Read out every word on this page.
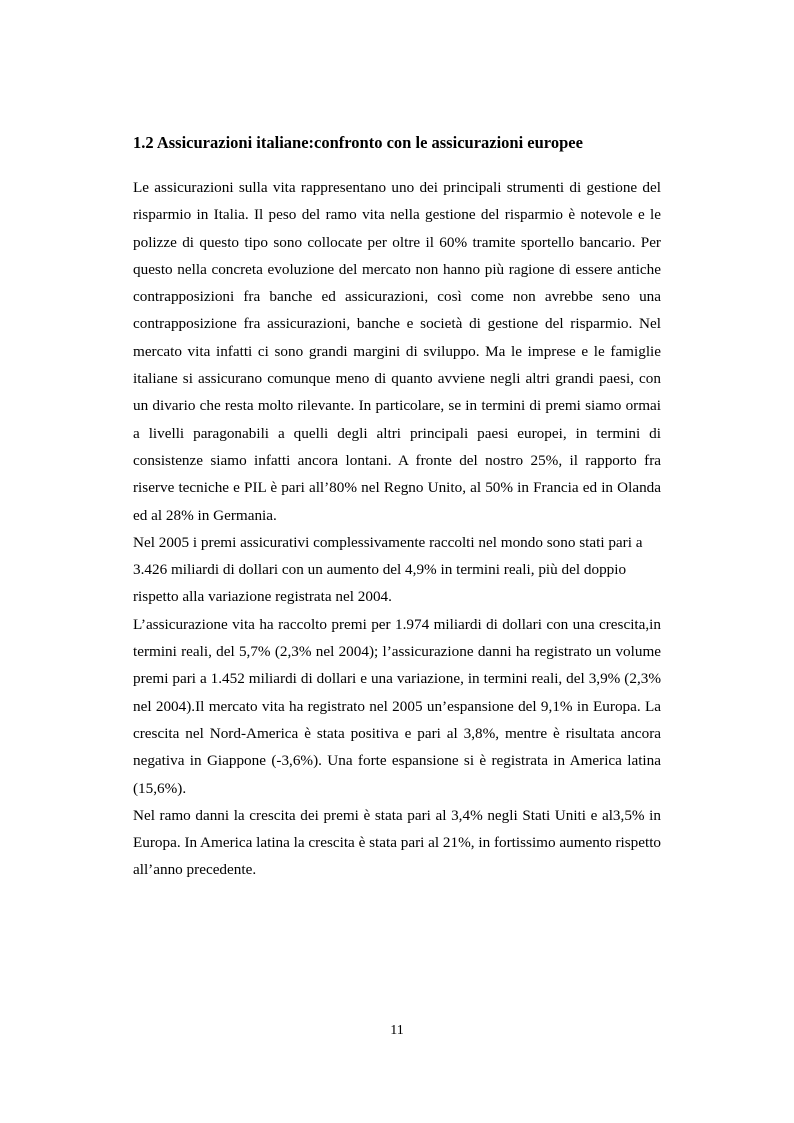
1.2 Assicurazioni italiane:confronto con le assicurazioni europee

Le assicurazioni sulla vita rappresentano uno dei principali strumenti di gestione del risparmio in Italia. Il peso del ramo vita nella gestione del risparmio è notevole e le polizze di questo tipo sono collocate per oltre il 60% tramite sportello bancario. Per questo nella concreta evoluzione del mercato non hanno più ragione di essere antiche contrapposizioni fra banche ed assicurazioni, così come non avrebbe seno una contrapposizione fra assicurazioni, banche e società di gestione del risparmio. Nel mercato vita infatti ci sono grandi margini di sviluppo. Ma le imprese e le famiglie italiane si assicurano comunque meno di quanto avviene negli altri grandi paesi, con un divario che resta molto rilevante. In particolare, se in termini di premi siamo ormai a livelli paragonabili a quelli degli altri principali paesi europei, in termini di consistenze siamo infatti ancora lontani. A fronte del nostro 25%, il rapporto fra riserve tecniche e PIL è pari all’80% nel Regno Unito, al 50% in Francia ed in Olanda ed al 28% in Germania.

Nel 2005 i premi assicurativi complessivamente raccolti nel mondo sono stati pari a 3.426 miliardi di dollari con un aumento del 4,9% in termini reali, più del doppio rispetto alla variazione registrata nel 2004.

L’assicurazione vita ha raccolto premi per 1.974 miliardi di dollari con una crescita,in termini reali, del 5,7% (2,3% nel 2004); l’assicurazione danni ha registrato un volume premi pari a 1.452 miliardi di dollari e una variazione, in termini reali, del 3,9% (2,3% nel 2004).Il mercato vita ha registrato nel 2005 un’espansione del 9,1% in Europa. La crescita nel Nord-America è stata positiva e pari al 3,8%, mentre è risultata ancora negativa in Giappone (-3,6%). Una forte espansione si è registrata in America latina (15,6%).

Nel ramo danni la crescita dei premi è stata pari al 3,4% negli Stati Uniti e al3,5% in Europa. In America latina la crescita è stata pari al 21%, in fortissimo aumento rispetto all’anno precedente.

11
